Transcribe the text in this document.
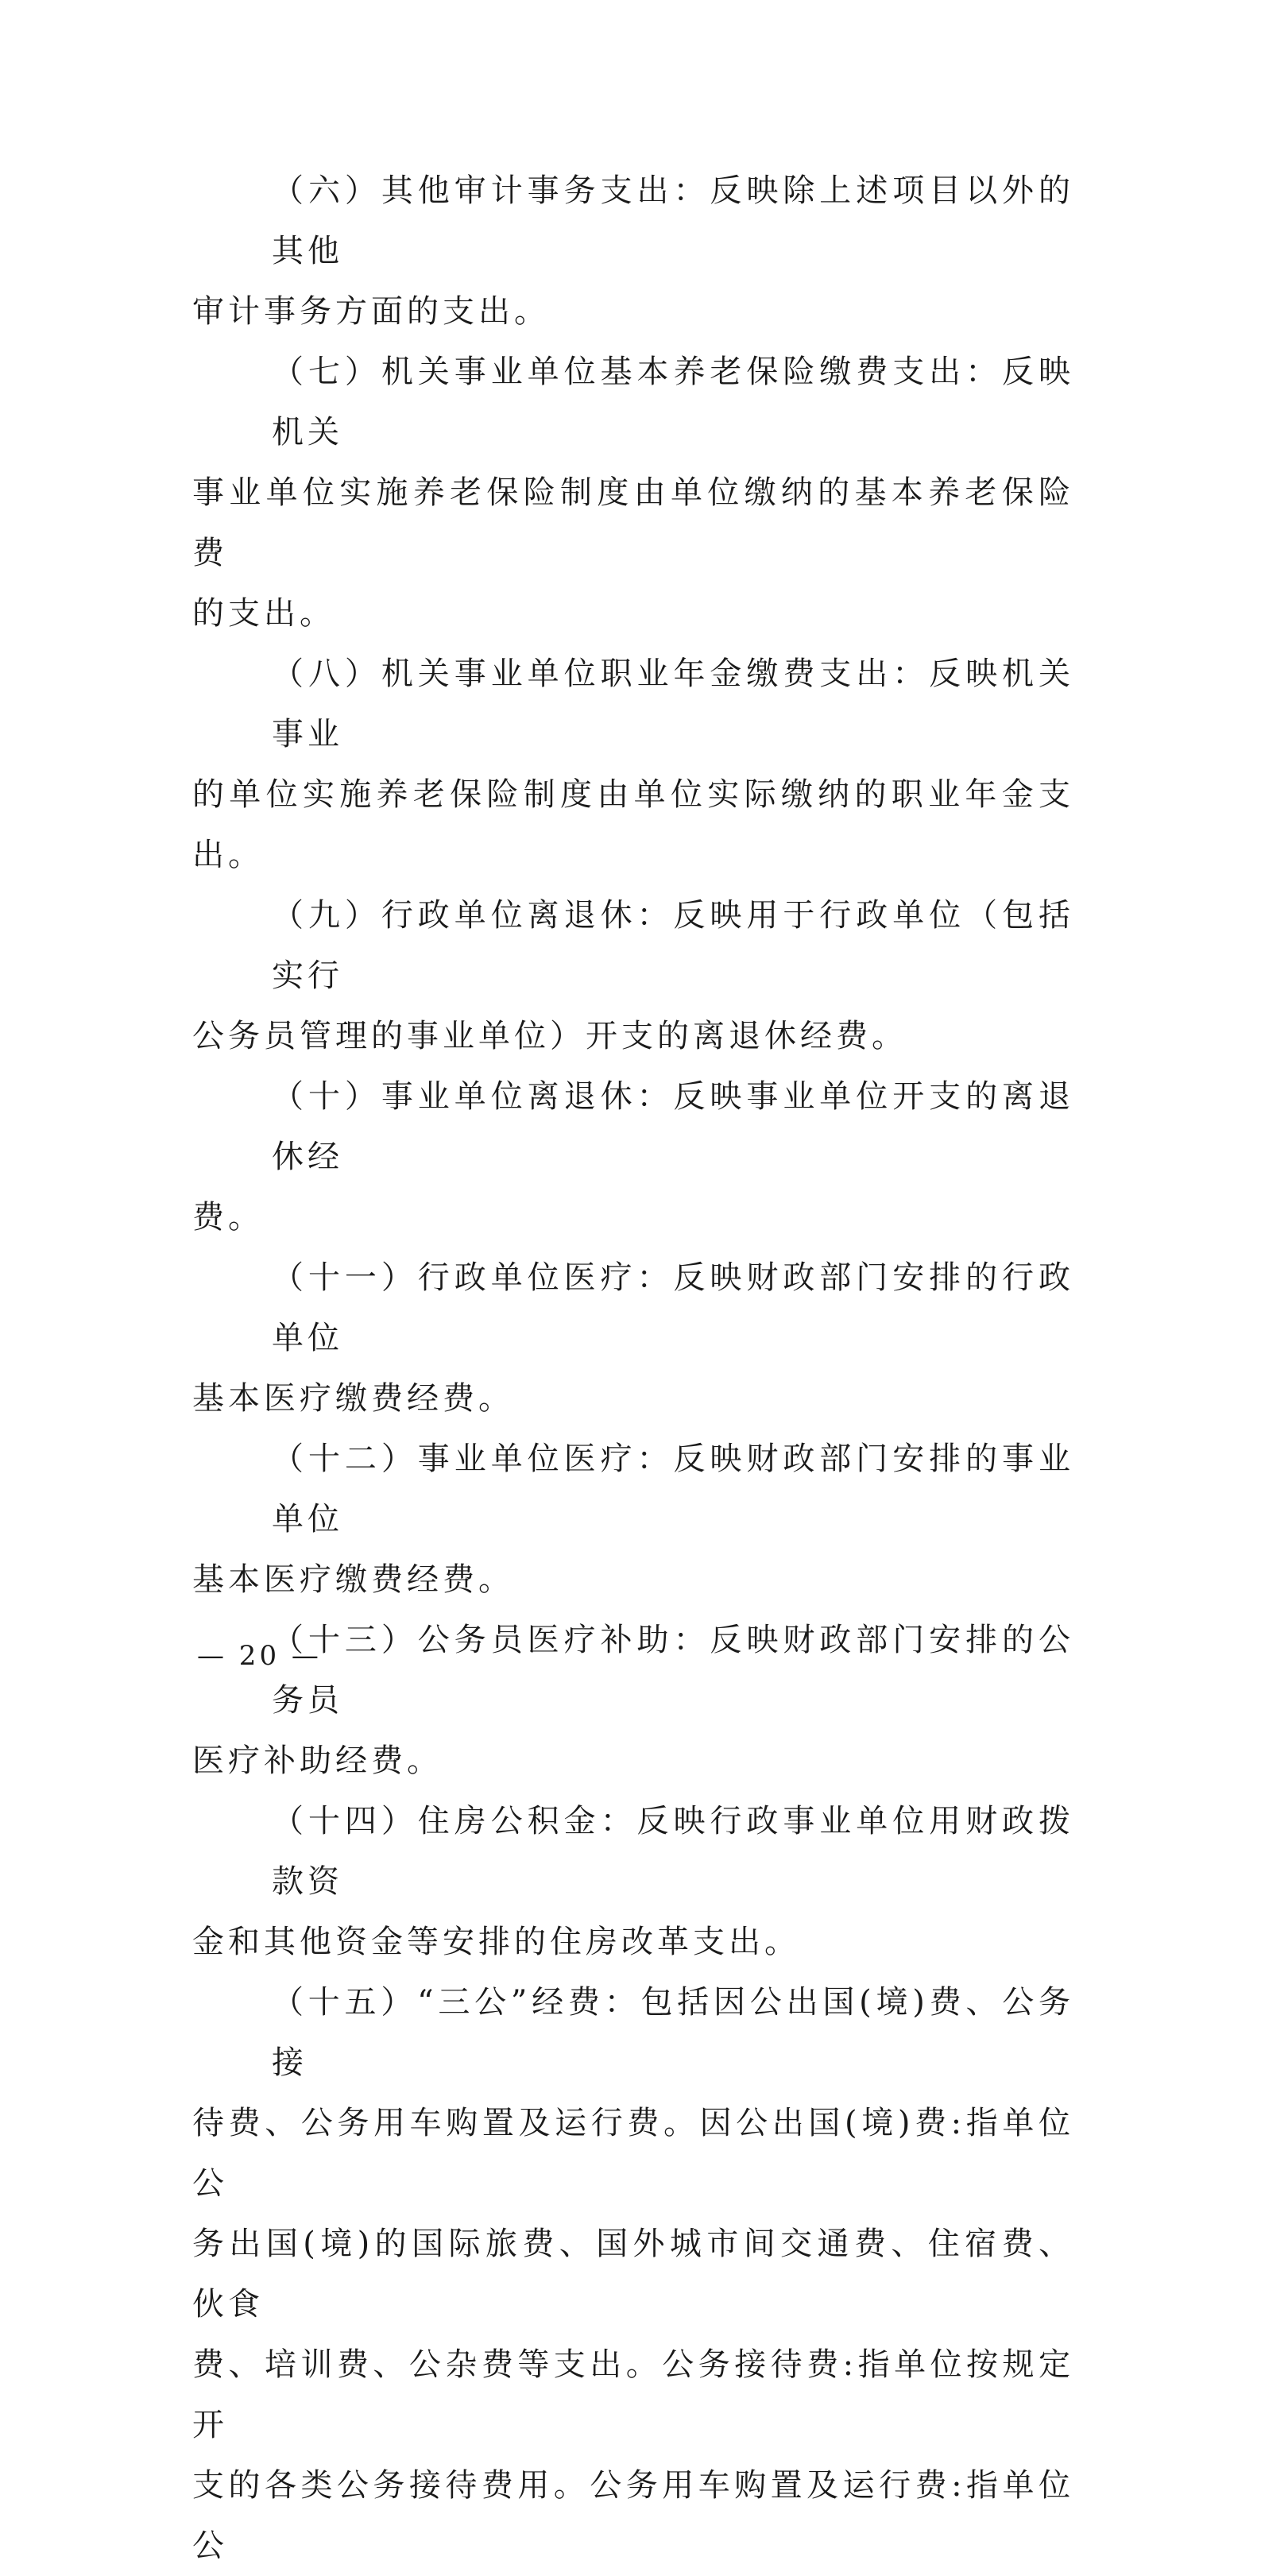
（六）其他审计事务支出：反映除上述项目以外的其他
审计事务方面的支出。

（七）机关事业单位基本养老保险缴费支出：反映机关
事业单位实施养老保险制度由单位缴纳的基本养老保险费
的支出。

（八）机关事业单位职业年金缴费支出：反映机关事业
的单位实施养老保险制度由单位实际缴纳的职业年金支出。

（九）行政单位离退休：反映用于行政单位（包括实行
公务员管理的事业单位）开支的离退休经费。

（十）事业单位离退休：反映事业单位开支的离退休经
费。

（十一）行政单位医疗：反映财政部门安排的行政单位
基本医疗缴费经费。

（十二）事业单位医疗：反映财政部门安排的事业单位
基本医疗缴费经费。

（十三）公务员医疗补助：反映财政部门安排的公务员
医疗补助经费。

（十四）住房公积金：反映行政事业单位用财政拨款资
金和其他资金等安排的住房改革支出。

（十五）“三公”经费：包括因公出国(境)费、公务接
待费、公务用车购置及运行费。因公出国(境)费:指单位公
务出国(境)的国际旅费、国外城市间交通费、住宿费、伙食
费、培训费、公杂费等支出。公务接待费:指单位按规定开
支的各类公务接待费用。公务用车购置及运行费:指单位公

— 20 —
